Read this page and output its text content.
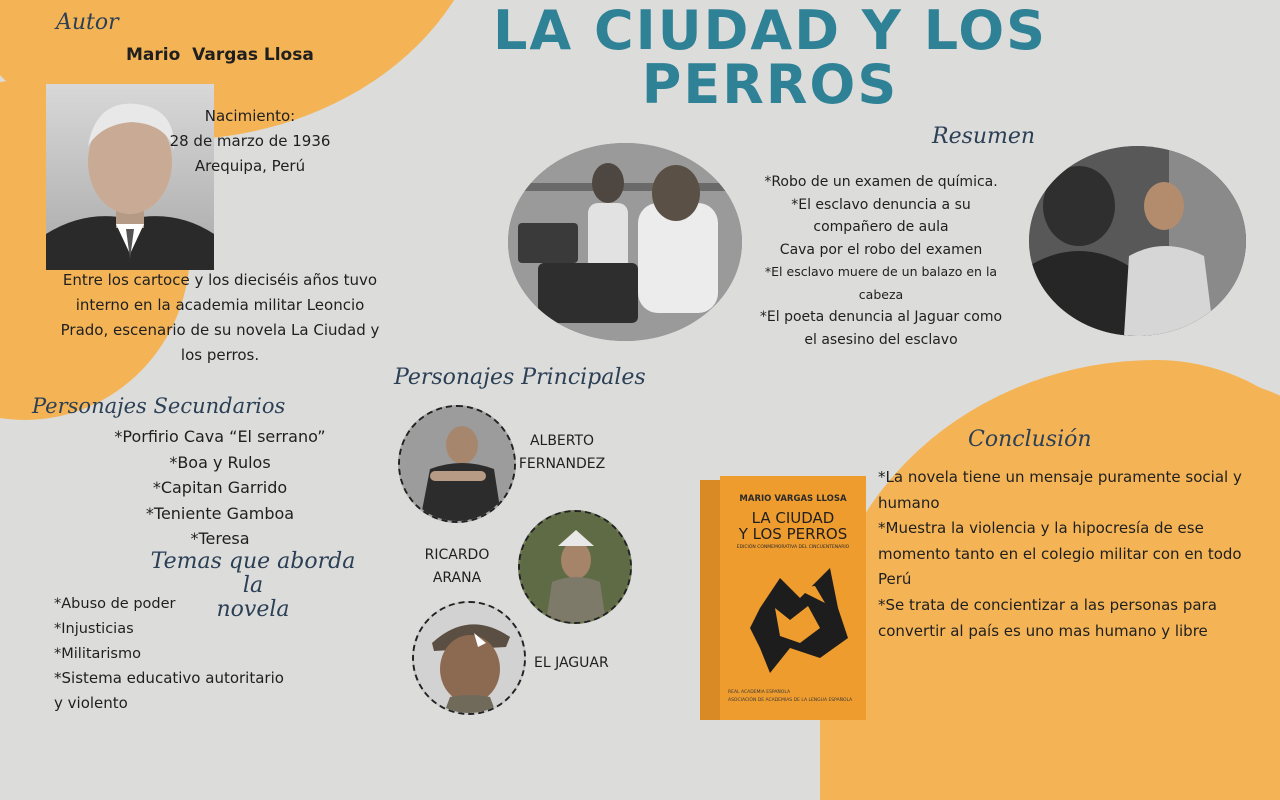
LA CIUDAD Y LOS
PERROS
Autor
Mario  Vargas Llosa
Nacimiento:
28 de marzo de 1936
Arequipa, Perú
Entre los cartoce y los dieciséis años tuvo
interno en la academia militar Leoncio
Prado, escenario de su novela La Ciudad y
los perros.
Resumen
*Robo de un examen de química.
*El esclavo denuncia a su
compañero de aula
Cava por el robo del examen
*El esclavo muere de un balazo en la
cabeza
*El poeta denuncia al Jaguar como
el asesino del esclavo
Personajes Secundarios
*Porfirio Cava “El serrano”
*Boa y Rulos
*Capitan Garrido
*Teniente Gamboa
*Teresa
Temas que aborda la
novela
*Abuso de poder
*Injusticias
*Militarismo
*Sistema educativo autoritario
y violento
Personajes Principales
ALBERTO
FERNANDEZ
RICARDO
ARANA
EL JAGUAR
MARIO VARGAS LLOSA
LA CIUDAD
Y LOS PERROS
EDICIÓN CONMEMORATIVA DEL CINCUENTENARIO
REAL ACADEMIA ESPAÑOLA
ASOCIACIÓN DE ACADEMIAS DE LA LENGUA ESPAÑOLA
Conclusión
*La novela tiene un mensaje puramente social y
humano
*Muestra la violencia y la hipocresía de ese
momento tanto en el colegio militar con en todo
Perú
*Se trata de concientizar a las personas para
convertir al país es uno mas humano y libre
